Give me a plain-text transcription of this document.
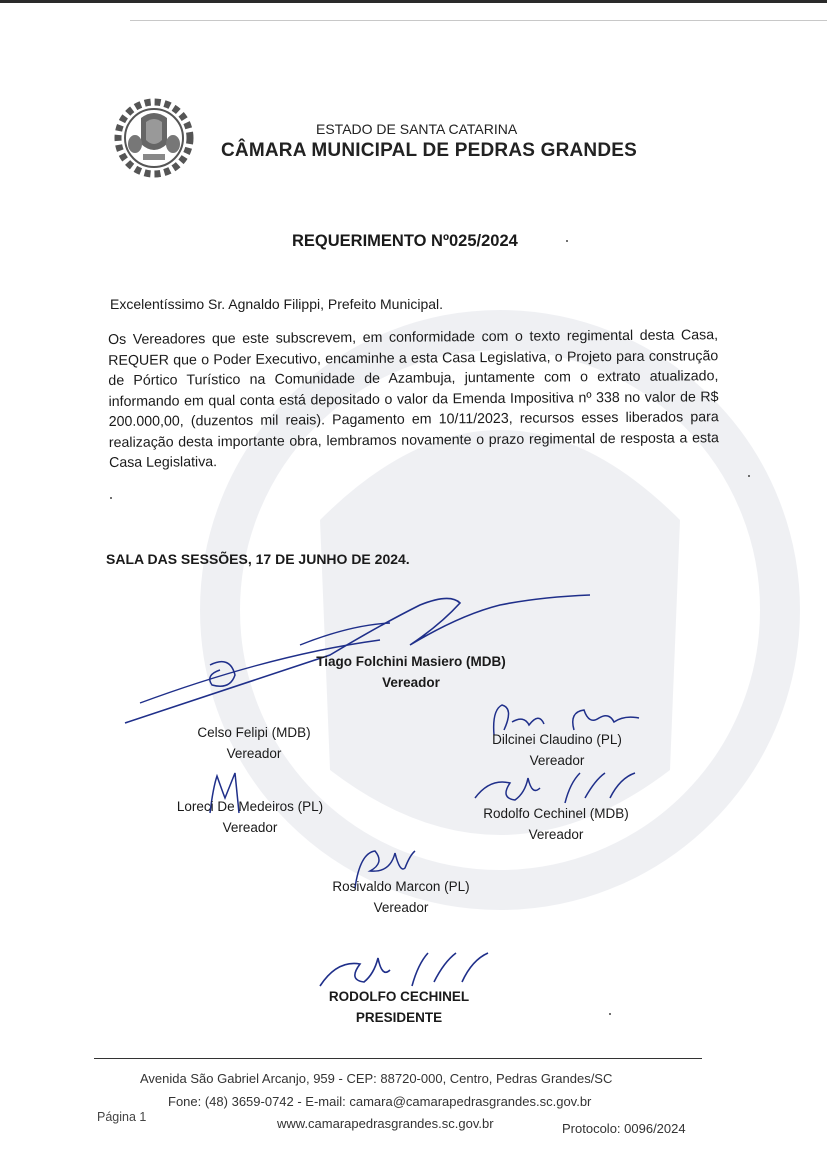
ESTADO DE SANTA CATARINA
CÂMARA MUNICIPAL DE PEDRAS GRANDES
REQUERIMENTO Nº025/2024
Excelentíssimo Sr. Agnaldo Filippi, Prefeito Municipal.
Os Vereadores que este subscrevem, em conformidade com o texto regimental desta Casa, REQUER que o Poder Executivo, encaminhe a esta Casa Legislativa, o Projeto para construção de Pórtico Turístico na Comunidade de Azambuja, juntamente com o extrato atualizado, informando em qual conta está depositado o valor da Emenda Impositiva nº 338 no valor de R$ 200.000,00, (duzentos mil reais). Pagamento em 10/11/2023, recursos esses liberados para realização desta importante obra, lembramos novamente o prazo regimental de resposta a esta Casa Legislativa.
SALA DAS SESSÕES, 17 DE JUNHO DE 2024.
Tiago Folchini Masiero (MDB)
Vereador
Celso Felipi (MDB)
Vereador
Dilcinei Claudino (PL)
Vereador
Loreci De Medeiros (PL)
Vereador
Rodolfo Cechinel (MDB)
Vereador
Rosivaldo Marcon (PL)
Vereador
RODOLFO CECHINEL
PRESIDENTE
Avenida São Gabriel Arcanjo, 959 - CEP: 88720-000, Centro, Pedras Grandes/SC
Fone: (48) 3659-0742 - E-mail: camara@camarapedrasgrandes.sc.gov.br
Página 1	www.camarapedrasgrandes.sc.gov.br	Protocolo: 0096/2024
